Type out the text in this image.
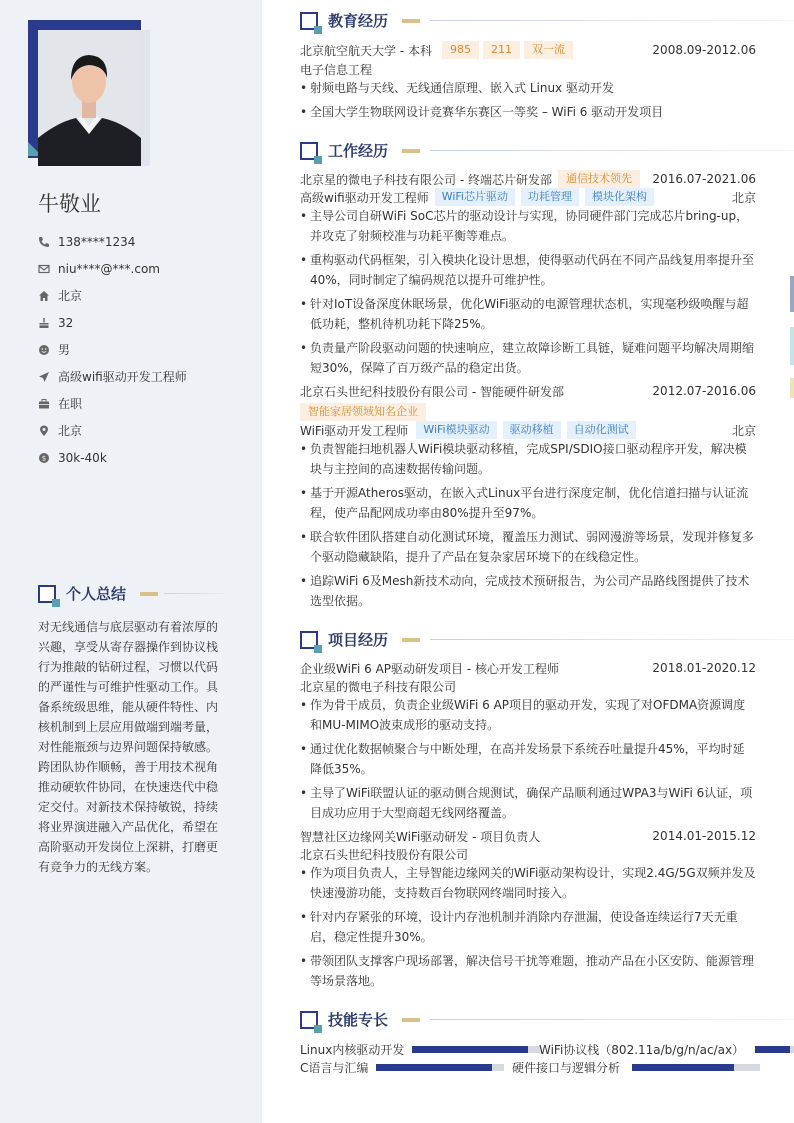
牛敬业
138****1234
niu****@***.com
北京
32
男
高级wifi驱动开发工程师
在职
北京
$ 30k-40k
个人总结
对无线通信与底层驱动有着浓厚的兴趣，享受从寄存器操作到协议栈行为推敲的钻研过程，习惯以代码的严谨性与可维护性驱动工作。具备系统级思维，能从硬件特性、内核机制到上层应用做端到端考量，对性能瓶颈与边界问题保持敏感。跨团队协作顺畅，善于用技术视角推动硬软件协同，在快速迭代中稳定交付。对新技术保持敏锐，持续将业界演进融入产品优化，希望在高阶驱动开发岗位上深耕，打磨更有竞争力的无线方案。
教育经历
北京航空航天大学 - 本科	985	211	双一流	2008.09-2012.06
电子信息工程
• 射频电路与天线、无线通信原理、嵌入式 Linux 驱动开发
• 全国大学生物联网设计竞赛华东赛区一等奖 – WiFi 6 驱动开发项目
工作经历
北京星的微电子科技有限公司 - 终端芯片研发部	通信技术领先	2016.07-2021.06
高级wifi驱动开发工程师	WiFi芯片驱动	功耗管理	模块化架构	北京
• 主导公司自研WiFi SoC芯片的驱动设计与实现，协同硬件部门完成芯片bring-up，并攻克了射频校准与功耗平衡等难点。
• 重构驱动代码框架，引入模块化设计思想，使得驱动代码在不同产品线复用率提升至40%，同时制定了编码规范以提升可维护性。
• 针对IoT设备深度休眠场景，优化WiFi驱动的电源管理状态机，实现毫秒级唤醒与超低功耗，整机待机功耗下降25%。
• 负责量产阶段驱动问题的快速响应，建立故障诊断工具链，疑难问题平均解决周期缩短30%，保障了百万级产品的稳定出货。
北京石头世纪科技股份有限公司 - 智能硬件研发部	2012.07-2016.06
智能家居领域知名企业
WiFi驱动开发工程师	WiFi模块驱动	驱动移植	自动化测试	北京
• 负责智能扫地机器人WiFi模块驱动移植，完成SPI/SDIO接口驱动程序开发，解决模块与主控间的高速数据传输问题。
• 基于开源Atheros驱动，在嵌入式Linux平台进行深度定制，优化信道扫描与认证流程，使产品配网成功率由80%提升至97%。
• 联合软件团队搭建自动化测试环境，覆盖压力测试、弱网漫游等场景，发现并修复多个驱动隐藏缺陷，提升了产品在复杂家居环境下的在线稳定性。
• 追踪WiFi 6及Mesh新技术动向，完成技术预研报告，为公司产品路线图提供了技术选型依据。
项目经历
企业级WiFi 6 AP驱动研发项目 - 核心开发工程师	2018.01-2020.12
北京星的微电子科技有限公司
• 作为骨干成员，负责企业级WiFi 6 AP项目的驱动开发，实现了对OFDMA资源调度和MU-MIMO波束成形的驱动支持。
• 通过优化数据帧聚合与中断处理，在高并发场景下系统吞吐量提升45%，平均时延降低35%。
• 主导了WiFi联盟认证的驱动侧合规测试，确保产品顺利通过WPA3与WiFi 6认证，项目成功应用于大型商超无线网络覆盖。
智慧社区边缘网关WiFi驱动研发 - 项目负责人	2014.01-2015.12
北京石头世纪科技股份有限公司
• 作为项目负责人，主导智能边缘网关的WiFi驱动架构设计，实现2.4G/5G双频并发及快速漫游功能，支持数百台物联网终端同时接入。
• 针对内存紧张的环境，设计内存池机制并消除内存泄漏，使设备连续运行7天无重启，稳定性提升30%。
• 带领团队支撑客户现场部署，解决信号干扰等难题，推动产品在小区安防、能源管理等场景落地。
技能专长
Linux内核驱动开发	WiFi协议栈（802.11a/b/g/n/ac/ax）
C语言与汇编	硬件接口与逻辑分析
